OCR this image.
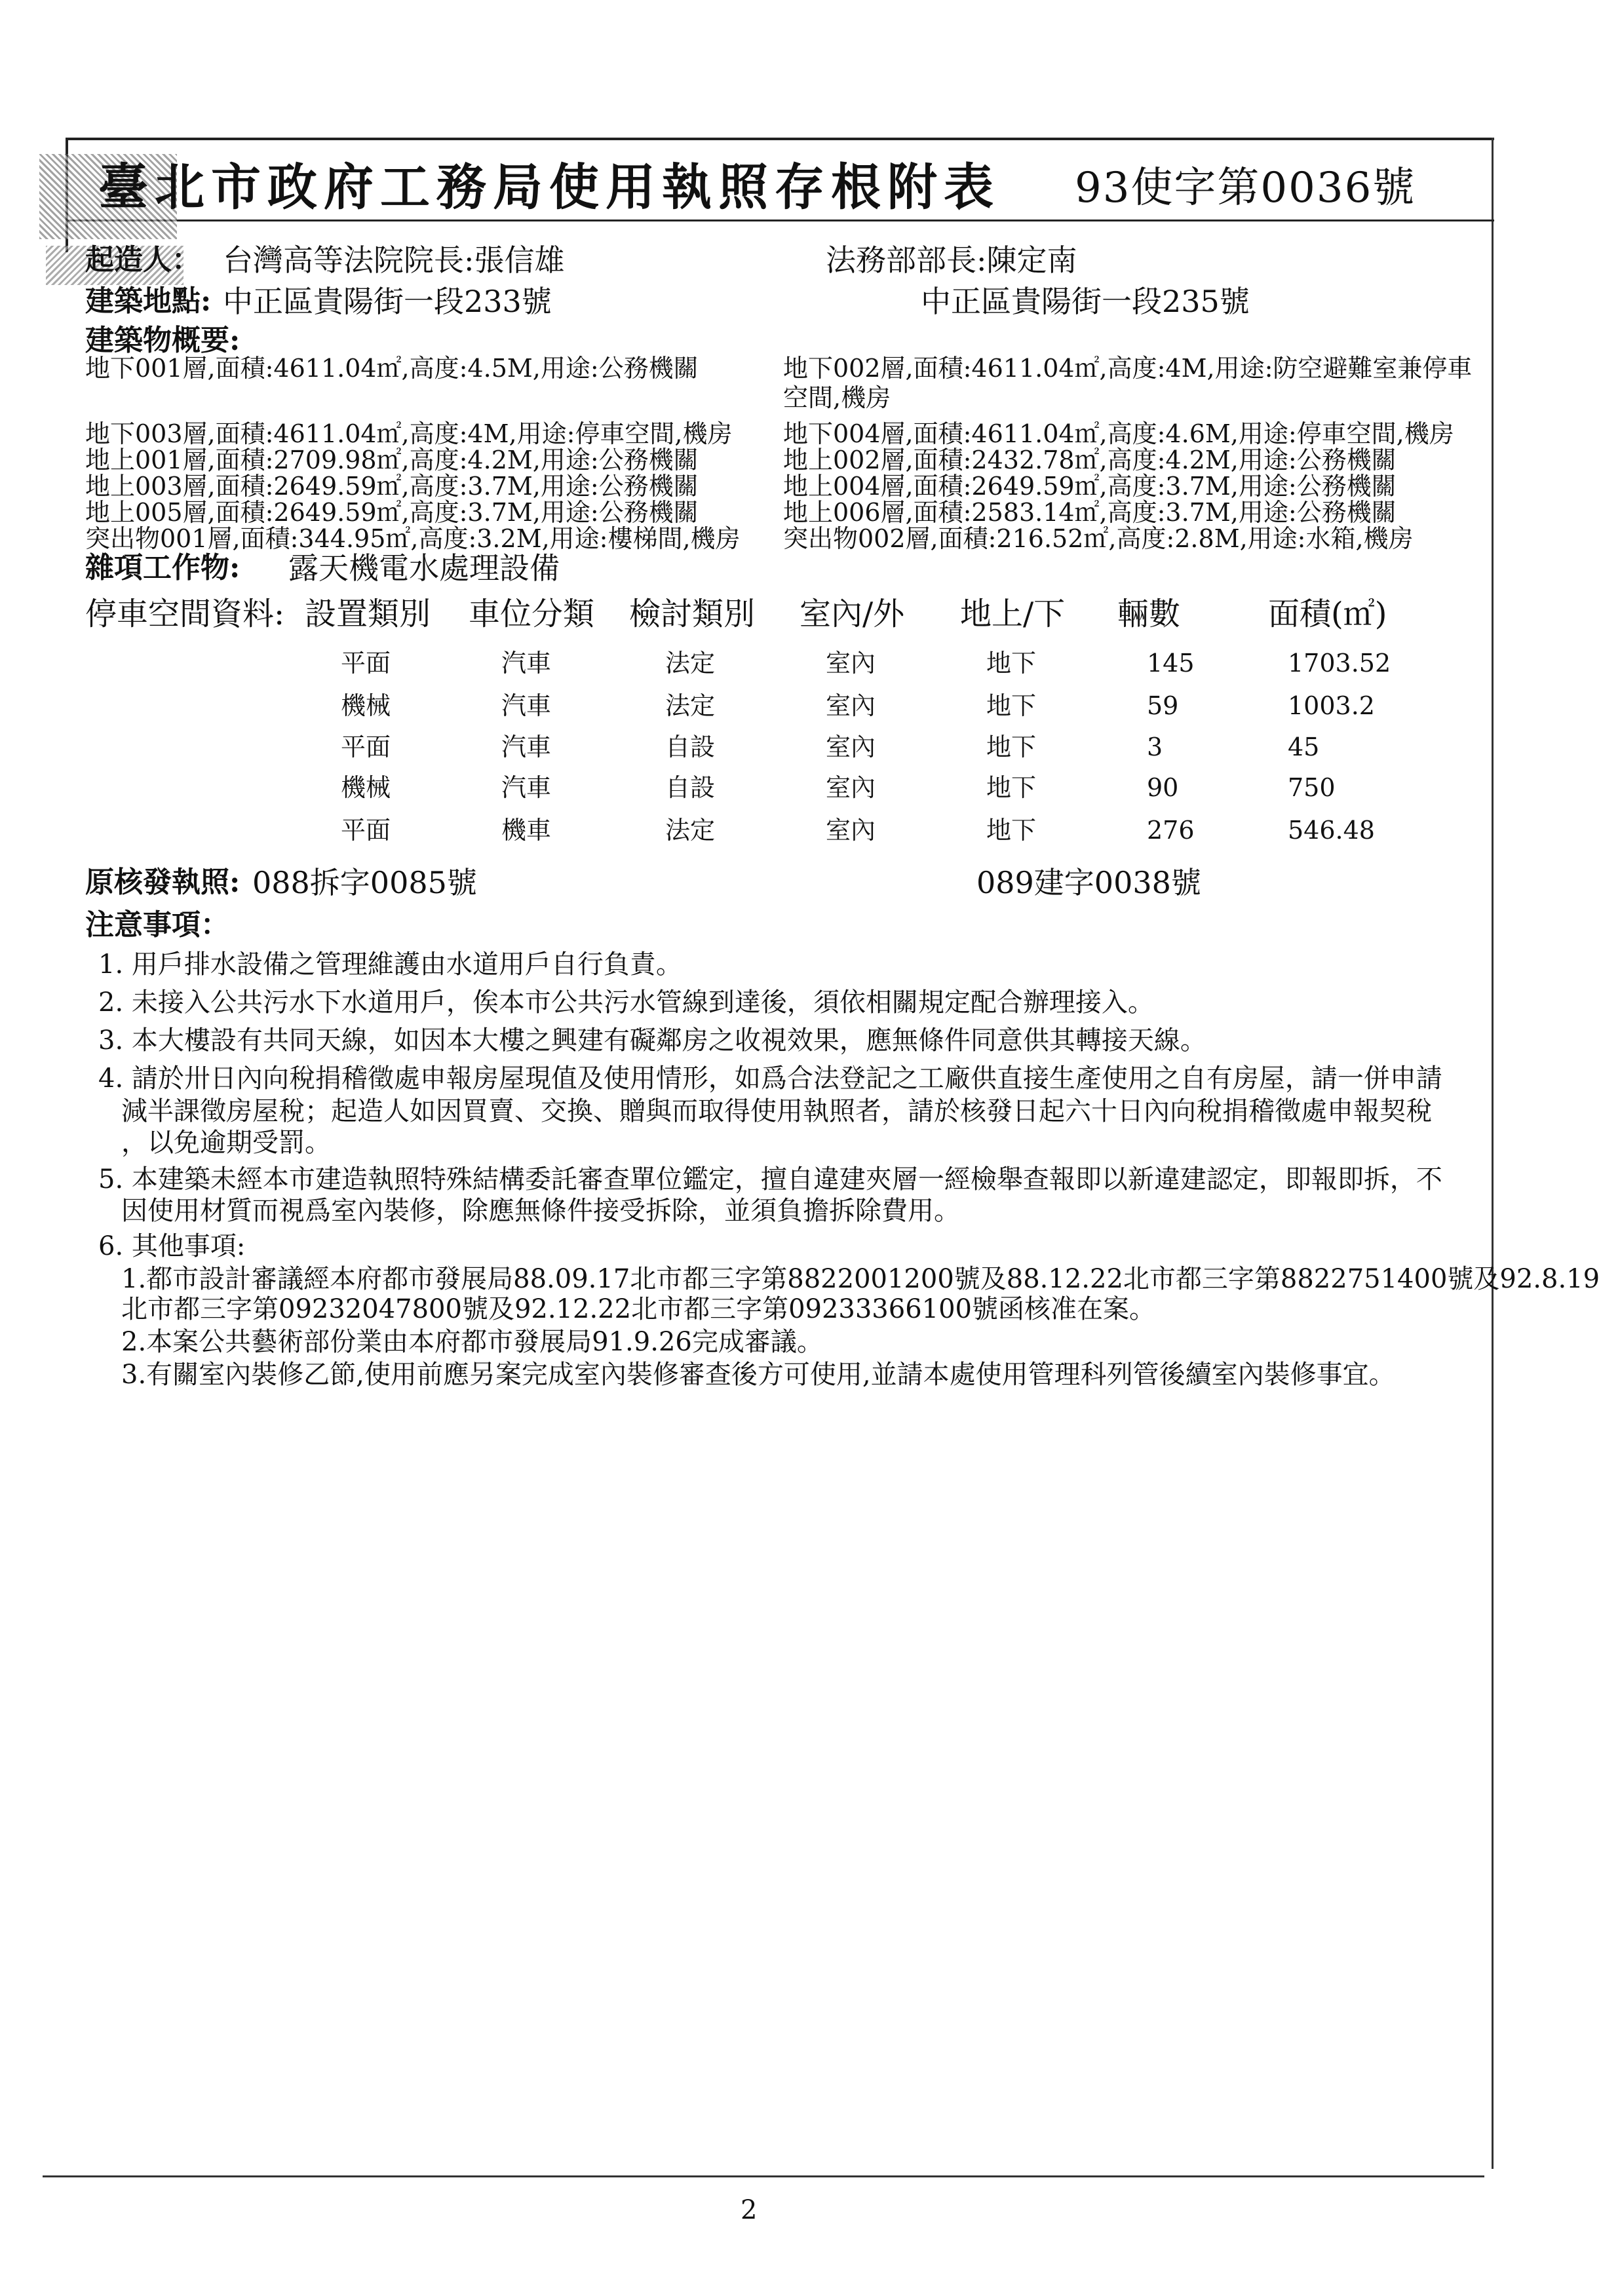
臺北市政府工務局使用執照存根附表 93使字第0036號
起造人： 台灣高等法院院長:張信雄	法務部部長:陳定南
建築地點: 中正區貴陽街一段233號	中正區貴陽街一段235號
建築物概要:
地下001層,面積:4611.04㎡,高度:4.5M,用途:公務機關	地下002層,面積:4611.04㎡,高度:4M,用途:防空避難室兼停車
空間,機房
地下003層,面積:4611.04㎡,高度:4M,用途:停車空間,機房 地下004層,面積:4611.04㎡,高度:4.6M,用途:停車空間,機房
地上001層,面積:2709.98㎡,高度:4.2M,用途:公務機關	地上002層,面積:2432.78㎡,高度:4.2M,用途:公務機關
地上003層,面積:2649.59㎡,高度:3.7M,用途:公務機關	地上004層,面積:2649.59㎡,高度:3.7M,用途:公務機關
地上005層,面積:2649.59㎡,高度:3.7M,用途:公務機關	地上006層,面積:2583.14㎡,高度:3.7M,用途:公務機關
突出物001層,面積:344.95㎡,高度:3.2M,用途:樓梯間,機房 突出物002層,面積:216.52㎡,高度:2.8M,用途:水箱,機房
雜項工作物: 露天機電水處理設備
停車空間資料: 設置類別 車位分類 檢討類別 室內/外 地上/下 輛數	面積(㎡)
平面	汽車	法定	室內	地下	145	1703.52
機械	汽車	法定	室內	地下	59	1003.2
平面	汽車	自設	室內	地下	3	45
機械	汽車	自設	室內	地下	90	750
平面	機車	法定	室內	地下	276	546.48
原核發執照: 088拆字0085號	089建字0038號
注意事項：
1. 用戶排水設備之管理維護由水道用戶自行負責。
2. 未接入公共污水下水道用戶，俟本市公共污水管線到達後，須依相關規定配合辦理接入。
3. 本大樓設有共同天線，如因本大樓之興建有礙鄰房之收視效果，應無條件同意供其轉接天線。
4. 請於卅日內向稅捐稽徵處申報房屋現值及使用情形，如爲合法登記之工廠供直接生產使用之自有房屋，請一併申請
減半課徵房屋稅；起造人如因買賣、交換、贈與而取得使用執照者，請於核發日起六十日內向稅捐稽徵處申報契稅
，以免逾期受罰。
5. 本建築未經本市建造執照特殊結構委託審查單位鑑定，擅自違建夾層一經檢舉查報即以新違建認定，即報即拆，不
因使用材質而視爲室內裝修，除應無條件接受拆除，並須負擔拆除費用。
6. 其他事項:
1.都市設計審議經本府都市發展局88.09.17北市都三字第8822001200號及88.12.22北市都三字第8822751400號及92.8.19
北市都三字第09232047800號及92.12.22北市都三字第09233366100號函核准在案。
2.本案公共藝術部份業由本府都市發展局91.9.26完成審議。
3.有關室內裝修乙節,使用前應另案完成室內裝修審查後方可使用,並請本處使用管理科列管後續室內裝修事宜。
2
